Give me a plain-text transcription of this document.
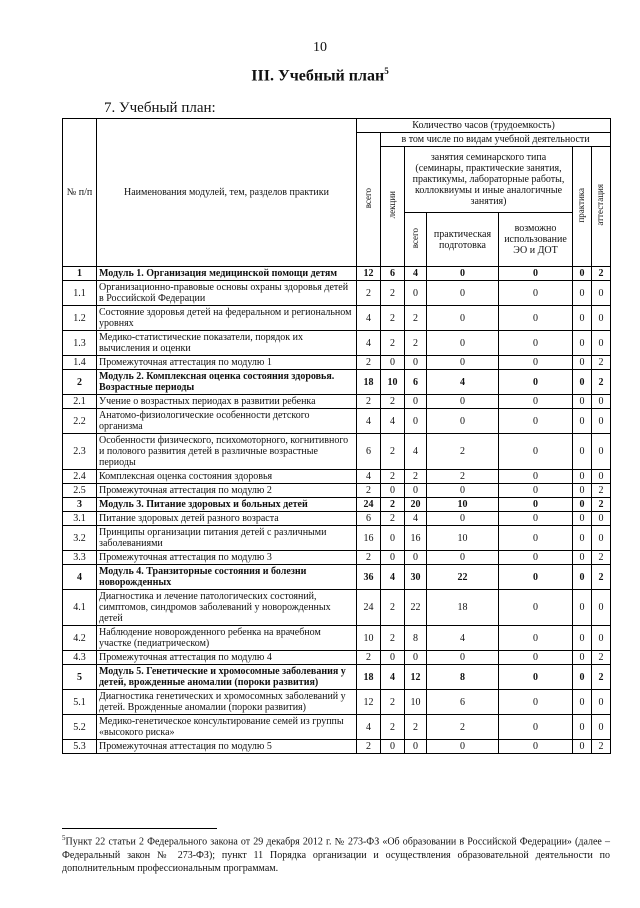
10
III. Учебный план$^5$
7. Учебный план:
№ п/п	Наименования модулей, тем, разделов практики	Количество часов (трудоемкость)						
		всего	в том числе по видам учебной деятельности					
			лекции	занятия семинарского типа (семинары, практические занятия, практикумы, лабораторные работы, коллоквиумы и иные аналогичные занятия)			практика	аттестация
				всего	практическая подготовка	возможно использование ЭО и ДОТ		
1	Модуль 1. Организация медицинской помощи детям	12	6	4	0	0	0	2
1.1	Организационно-правовые основы охраны здоровья детей в Российской Федерации	2	2	0	0	0	0	0
1.2	Состояние здоровья детей на федеральном и региональном уровнях	4	2	2	0	0	0	0
1.3	Медико-статистические показатели, порядок их вычисления и оценки	4	2	2	0	0	0	0
1.4	Промежуточная аттестация по модулю 1	2	0	0	0	0	0	2
2	Модуль 2. Комплексная оценка состояния здоровья. Возрастные периоды	18	10	6	4	0	0	2
2.1	Учение о возрастных периодах в развитии ребенка	2	2	0	0	0	0	0
2.2	Анатомо-физиологические особенности детского организма	4	4	0	0	0	0	0
2.3	Особенности физического, психомоторного, когнитивного и полового развития детей в различные возрастные периоды	6	2	4	2	0	0	0
2.4	Комплексная оценка состояния здоровья	4	2	2	2	0	0	0
2.5	Промежуточная аттестация по модулю 2	2	0	0	0	0	0	2
3	Модуль 3. Питание здоровых и больных детей	24	2	20	10	0	0	2
3.1	Питание здоровых детей разного возраста	6	2	4	0	0	0	0
3.2	Принципы организации питания детей с различными заболеваниями	16	0	16	10	0	0	0
3.3	Промежуточная аттестация по модулю 3	2	0	0	0	0	0	2
4	Модуль 4. Транзиторные состояния и болезни новорожденных	36	4	30	22	0	0	2
4.1	Диагностика и лечение патологических состояний, симптомов, синдромов заболеваний у новорожденных детей	24	2	22	18	0	0	0
4.2	Наблюдение новорожденного ребенка на врачебном участке (педиатрическом)	10	2	8	4	0	0	0
4.3	Промежуточная аттестация по модулю 4	2	0	0	0	0	0	2
5	Модуль 5. Генетические и хромосомные заболевания у детей, врожденные аномалии (пороки развития)	18	4	12	8	0	0	2
5.1	Диагностика генетических и хромосомных заболеваний у детей. Врожденные аномалии (пороки развития)	12	2	10	6	0	0	0
5.2	Медико-генетическое консультирование семей из группы «высокого риска»	4	2	2	2	0	0	0
5.3	Промежуточная аттестация по модулю 5	2	0	0	0	0	0	2
$^5$Пункт 22 статьи 2 Федерального закона от 29 декабря 2012 г. № 273-ФЗ «Об образовании в Российской Федерации» (далее – Федеральный закон № 273-ФЗ); пункт 11 Порядка организации и осуществления образовательной деятельности по дополнительным профессиональным программам.
